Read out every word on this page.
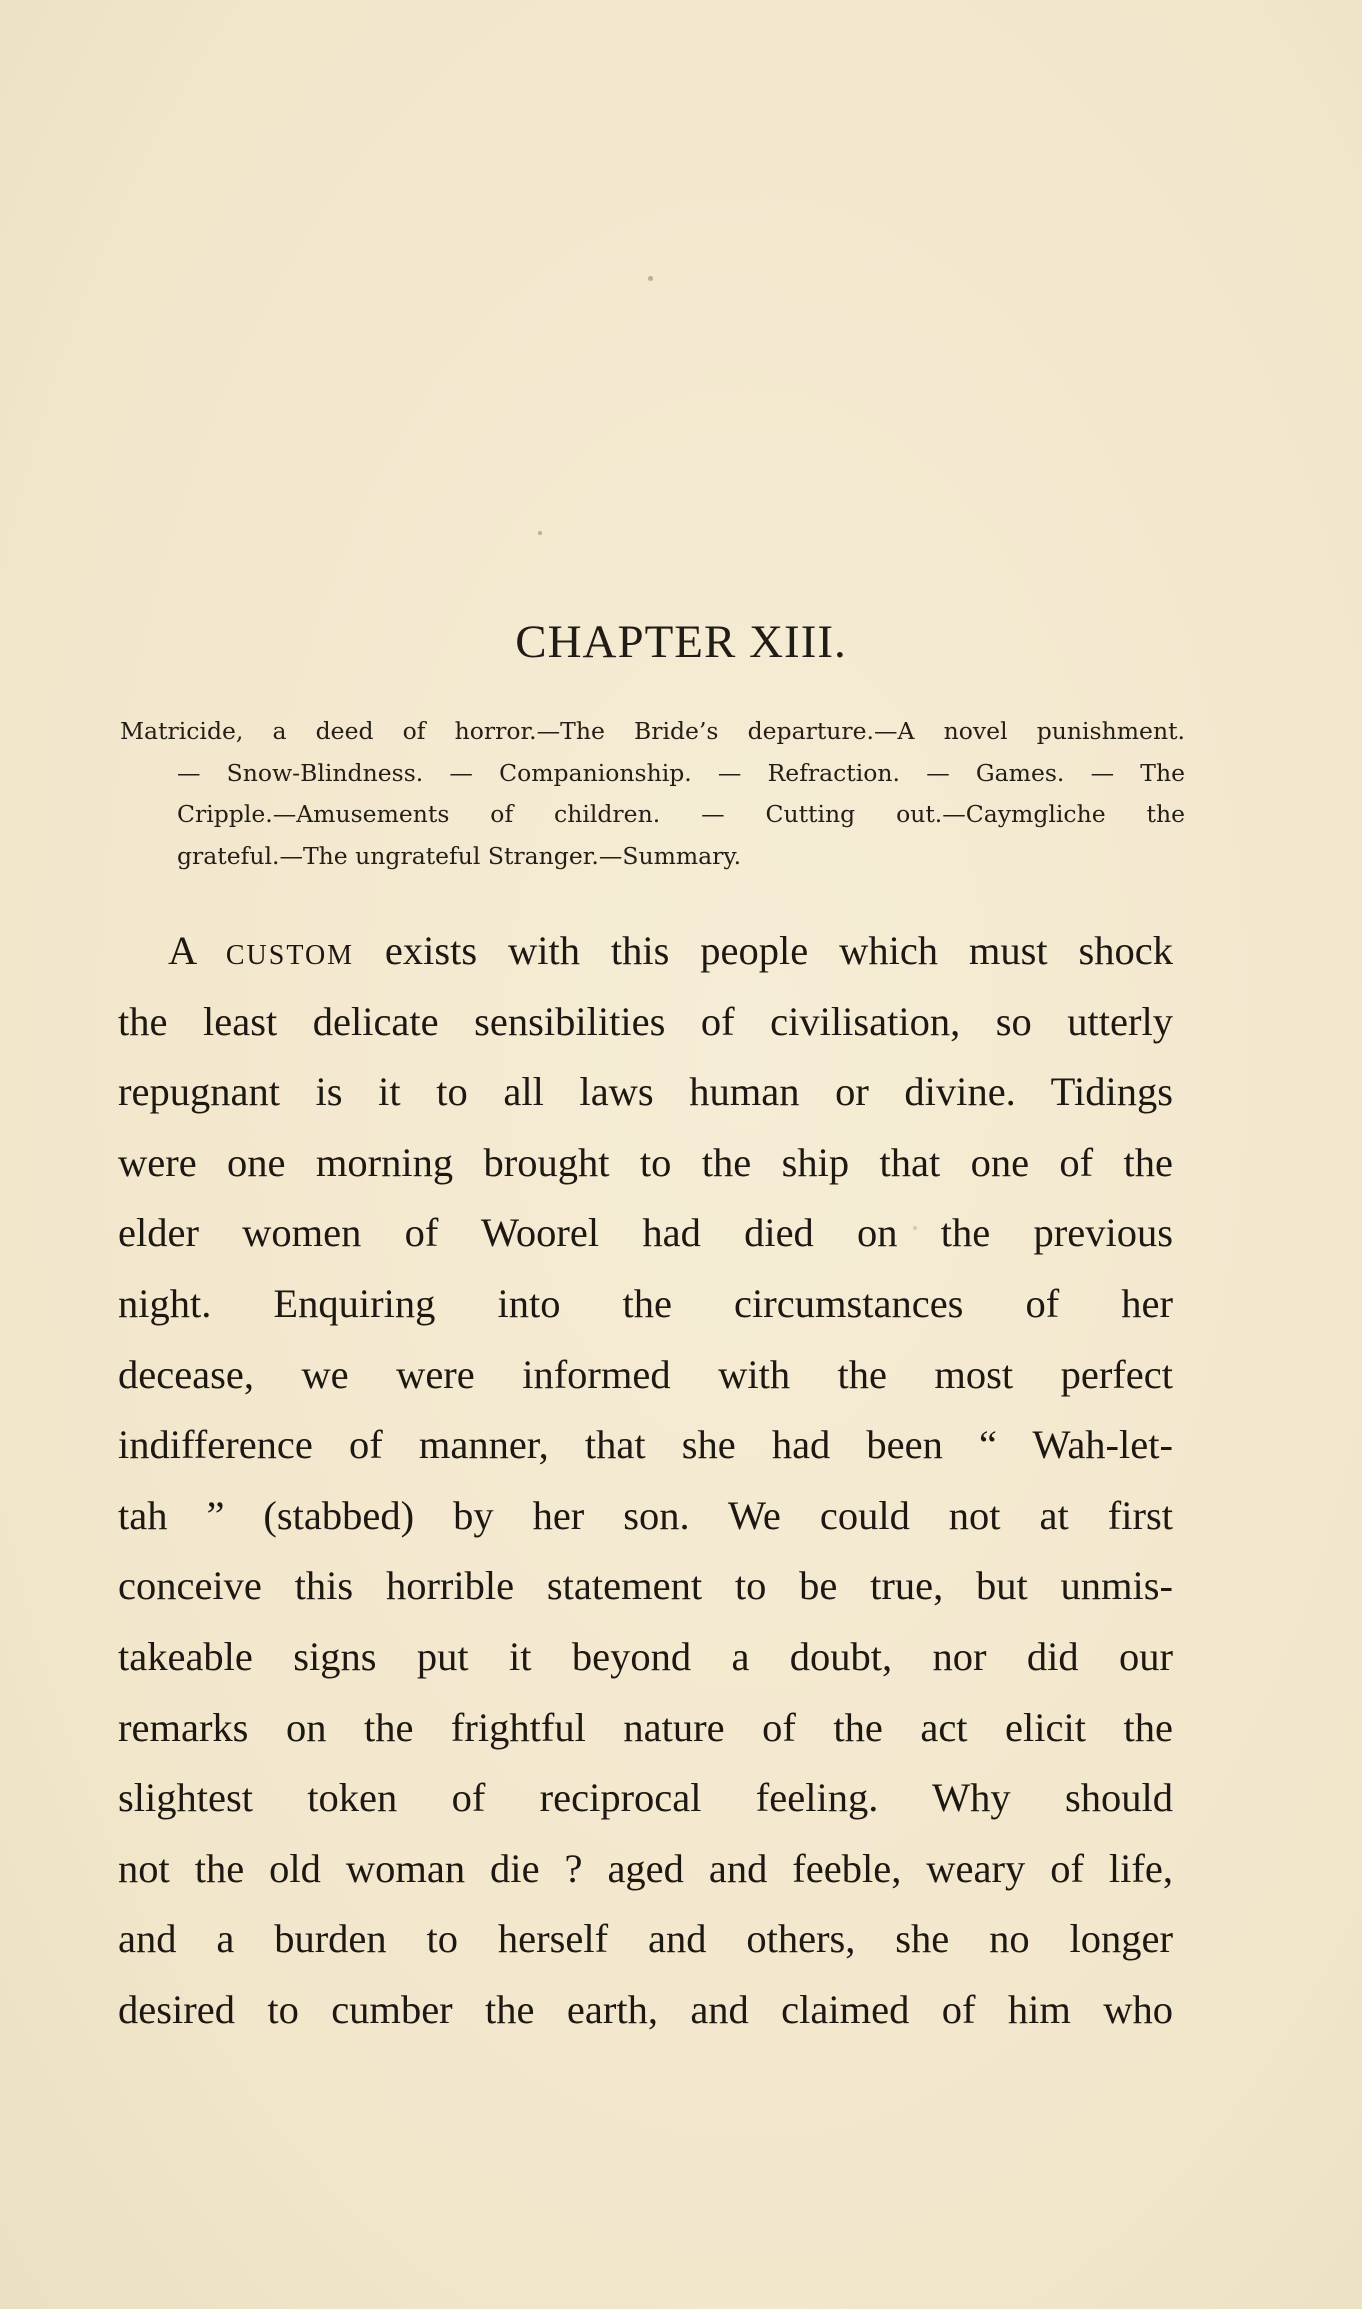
CHAPTER XIII.
Matricide, a deed of horror.—The Bride’s departure.—A novel punishment.
— Snow-Blindness. — Companionship. — Refraction. — Games. — The
Cripple.—Amusements of children. — Cutting out.—Caymgliche the
grateful.—The ungrateful Stranger.—Summary.
A custom exists with this people which must shock
the least delicate sensibilities of civilisation, so utterly
repugnant is it to all laws human or divine. Tidings
were one morning brought to the ship that one of the
elder women of Woorel had died on the previous
night. Enquiring into the circumstances of her
decease, we were informed with the most perfect
indifference of manner, that she had been “ Wah-let-
tah ” (stabbed) by her son. We could not at first
conceive this horrible statement to be true, but unmis-
takeable signs put it beyond a doubt, nor did our
remarks on the frightful nature of the act elicit the
slightest token of reciprocal feeling. Why should
not the old woman die ? aged and feeble, weary of life,
and a burden to herself and others, she no longer
desired to cumber the earth, and claimed of him who
